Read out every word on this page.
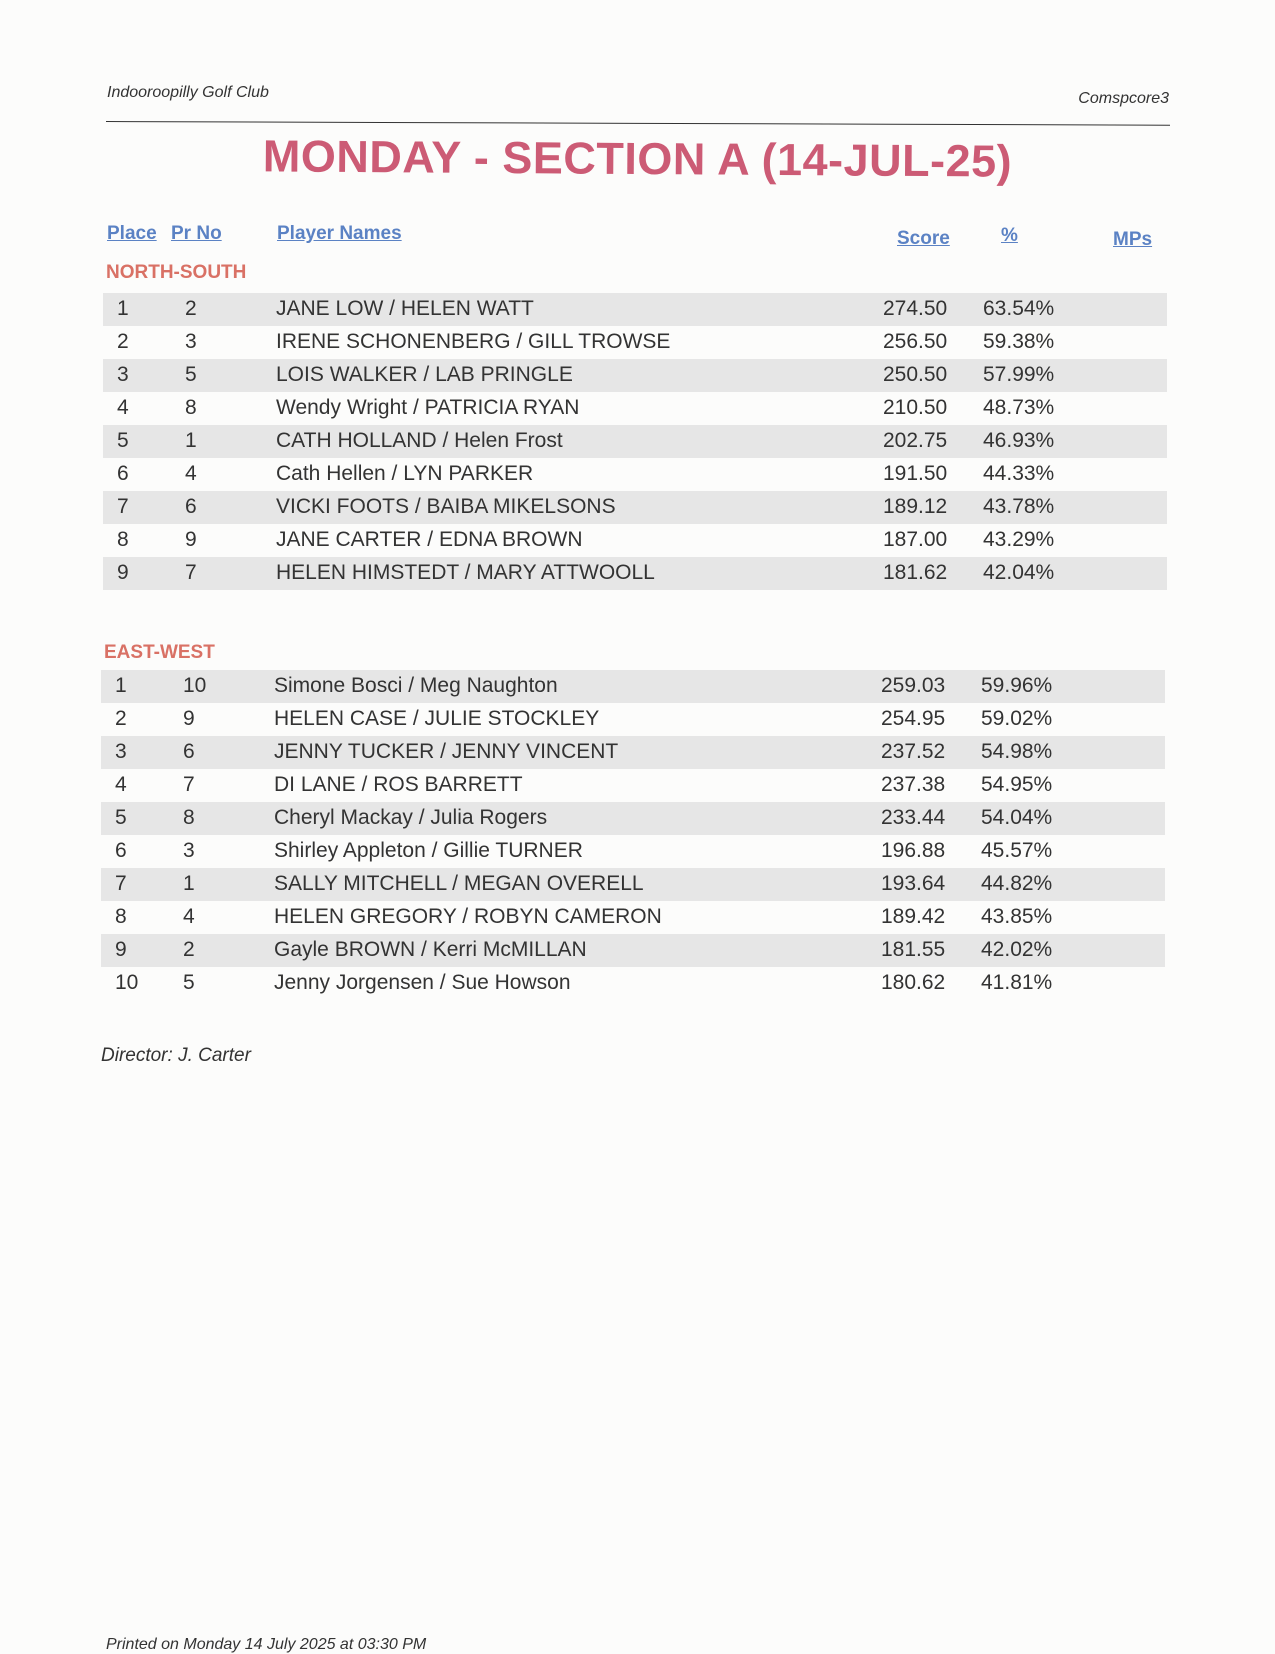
Indooroopilly Golf Club	Comspcore3
MONDAY - SECTION A (14-JUL-25)
Place Pr No	Player Names	Score	%	MPs
NORTH-SOUTH
1	2	JANE LOW / HELEN WATT	274.50 63.54%
2	3	IRENE SCHONENBERG / GILL TROWSE	256.50 59.38%
3	5	LOIS WALKER / LAB PRINGLE	250.50 57.99%
4	8	Wendy Wright / PATRICIA RYAN	210.50 48.73%
5	1	CATH HOLLAND / Helen Frost	202.75 46.93%
6	4	Cath Hellen / LYN PARKER	191.50 44.33%
7	6	VICKI FOOTS / BAIBA MIKELSONS	189.12 43.78%
8	9	JANE CARTER / EDNA BROWN	187.00 43.29%
9	7	HELEN HIMSTEDT / MARY ATTWOOLL	181.62 42.04%
EAST-WEST
1	10	Simone Bosci / Meg Naughton	259.03 59.96%
2	9	HELEN CASE / JULIE STOCKLEY	254.95 59.02%
3	6	JENNY TUCKER / JENNY VINCENT	237.52 54.98%
4	7	DI LANE / ROS BARRETT	237.38 54.95%
5	8	Cheryl Mackay / Julia Rogers	233.44 54.04%
6	3	Shirley Appleton / Gillie TURNER	196.88 45.57%
7	1	SALLY MITCHELL / MEGAN OVERELL	193.64 44.82%
8	4	HELEN GREGORY / ROBYN CAMERON	189.42 43.85%
9	2	Gayle BROWN / Kerri McMILLAN	181.55 42.02%
10 5	Jenny Jorgensen / Sue Howson	180.62 41.81%
Director: J. Carter
Printed on Monday 14 July 2025 at 03:30 PM
